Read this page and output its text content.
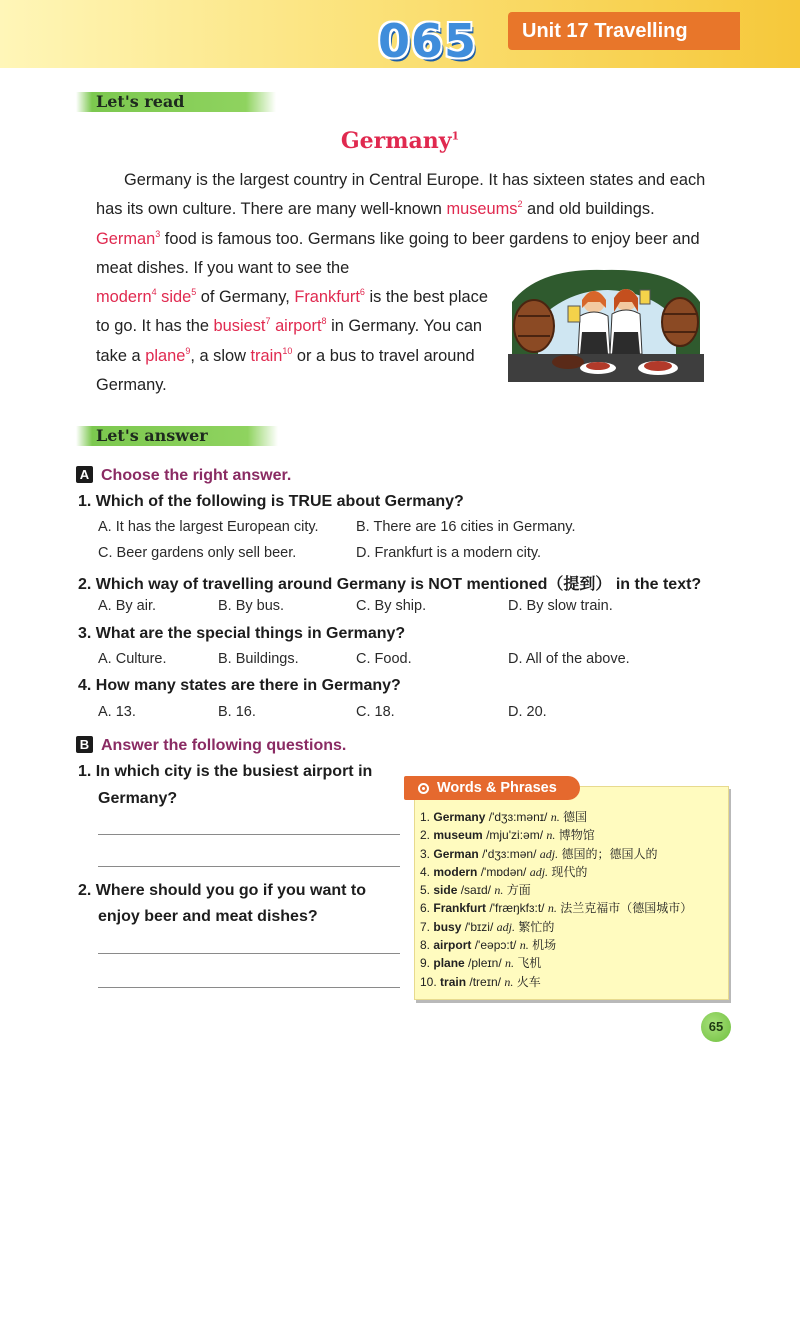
065	Unit 17 Travelling
Let's read
Germany$^1$
Germany is the largest country in Central Europe. It has sixteen states and each has its own culture. There are many well-known museums$^2$ and old buildings. German$^3$ food is famous too. Germans like going to beer gardens to enjoy beer and meat dishes. If you want to see the
modern$^4$ side$^5$ of Germany, Frankfurt$^6$ is the best place to go. It has the busiest$^7$ airport$^8$ in Germany. You can take a plane$^9$, a slow train$^{10}$ or a bus to travel around Germany.
Let's answer
A Choose the right answer.
1. Which of the following is TRUE about Germany?
A. It has the largest European city.	B. There are 16 cities in Germany.
C. Beer gardens only sell beer.	D. Frankfurt is a modern city.
2. Which way of travelling around Germany is NOT mentioned（提到） in the text?
A. By air.	B. By bus.	C. By ship.	D. By slow train.
3. What are the special things in Germany?
A. Culture.	B. Buildings.	C. Food.	D. All of the above.
4. How many states are there in Germany?
A. 13.	B. 16.	C. 18.	D. 20.
B Answer the following questions.
1. In which city is the busiest airport in
Germany?
2. Where should you go if you want to
enjoy beer and meat dishes?
Words & Phrases
1. Germany /'dʒɜ:mənɪ/ n. 德国
2. museum /mju'zi:əm/ n. 博物馆
3. German /'dʒɜ:mən/ adj. 德国的；德国人的
4. modern /'mɒdən/ adj. 现代的
5. side /saɪd/ n. 方面
6. Frankfurt /'fræŋkfɜ:t/ n. 法兰克福市（德国城市）
7. busy /'bɪzi/ adj. 繁忙的
8. airport /'eəpɔ:t/ n. 机场
9. plane /pleɪn/ n. 飞机
10. train /treɪn/ n. 火车
65
